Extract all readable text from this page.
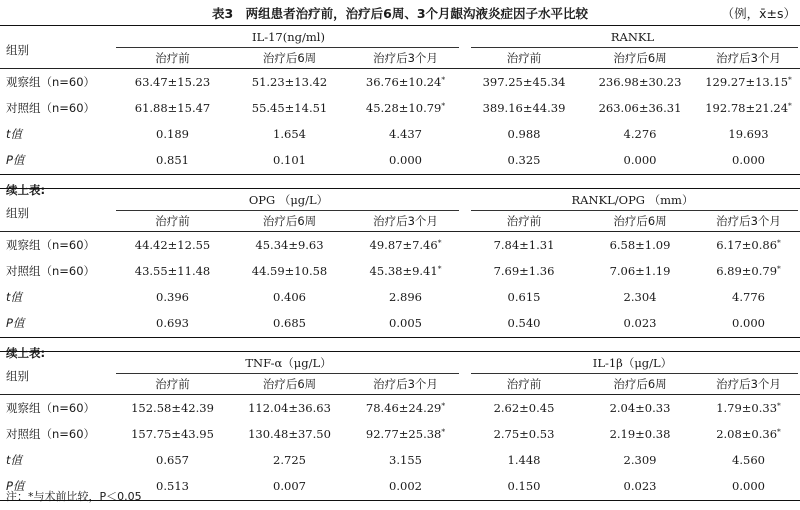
表3　两组患者治疗前，治疗后6周、3个月龈沟液炎症因子水平比较	（例，x̄±s）
注：*与术前比较，P＜0.05
组别
IL-17(ng/ml)	RANKL
治疗前	治疗后6周	治疗后3个月	治疗前	治疗后6周	治疗后3个月
观察组（n=60）	63.47±15.23	51.23±13.42	36.76±10.24*	397.25±45.34	236.98±30.23	129.27±13.15*
对照组（n=60）	61.88±15.47	55.45±14.51	45.28±10.79*	389.16±44.39	263.06±36.31	192.78±21.24*
t值	0.189	1.654	4.437	0.988	4.276	19.693
P值	0.851	0.101	0.000	0.325	0.000	0.000
续上表:
组别
OPG （μg/L）	RANKL/OPG （mm）
治疗前	治疗后6周	治疗后3个月	治疗前	治疗后6周	治疗后3个月
观察组（n=60）	44.42±12.55	45.34±9.63	49.87±7.46*	7.84±1.31	6.58±1.09	6.17±0.86*
对照组（n=60）	43.55±11.48	44.59±10.58	45.38±9.41*	7.69±1.36	7.06±1.19	6.89±0.79*
t值	0.396	0.406	2.896	0.615	2.304	4.776
P值	0.693	0.685	0.005	0.540	0.023	0.000
续上表:
组别
TNF-α（μg/L）	IL-1β（μg/L）
治疗前	治疗后6周	治疗后3个月	治疗前	治疗后6周	治疗后3个月
观察组（n=60）	152.58±42.39	112.04±36.63	78.46±24.29*	2.62±0.45	2.04±0.33	1.79±0.33*
对照组（n=60）	157.75±43.95	130.48±37.50	92.77±25.38*	2.75±0.53	2.19±0.38	2.08±0.36*
t值	0.657	2.725	3.155	1.448	2.309	4.560
P值	0.513	0.007	0.002	0.150	0.023	0.000
